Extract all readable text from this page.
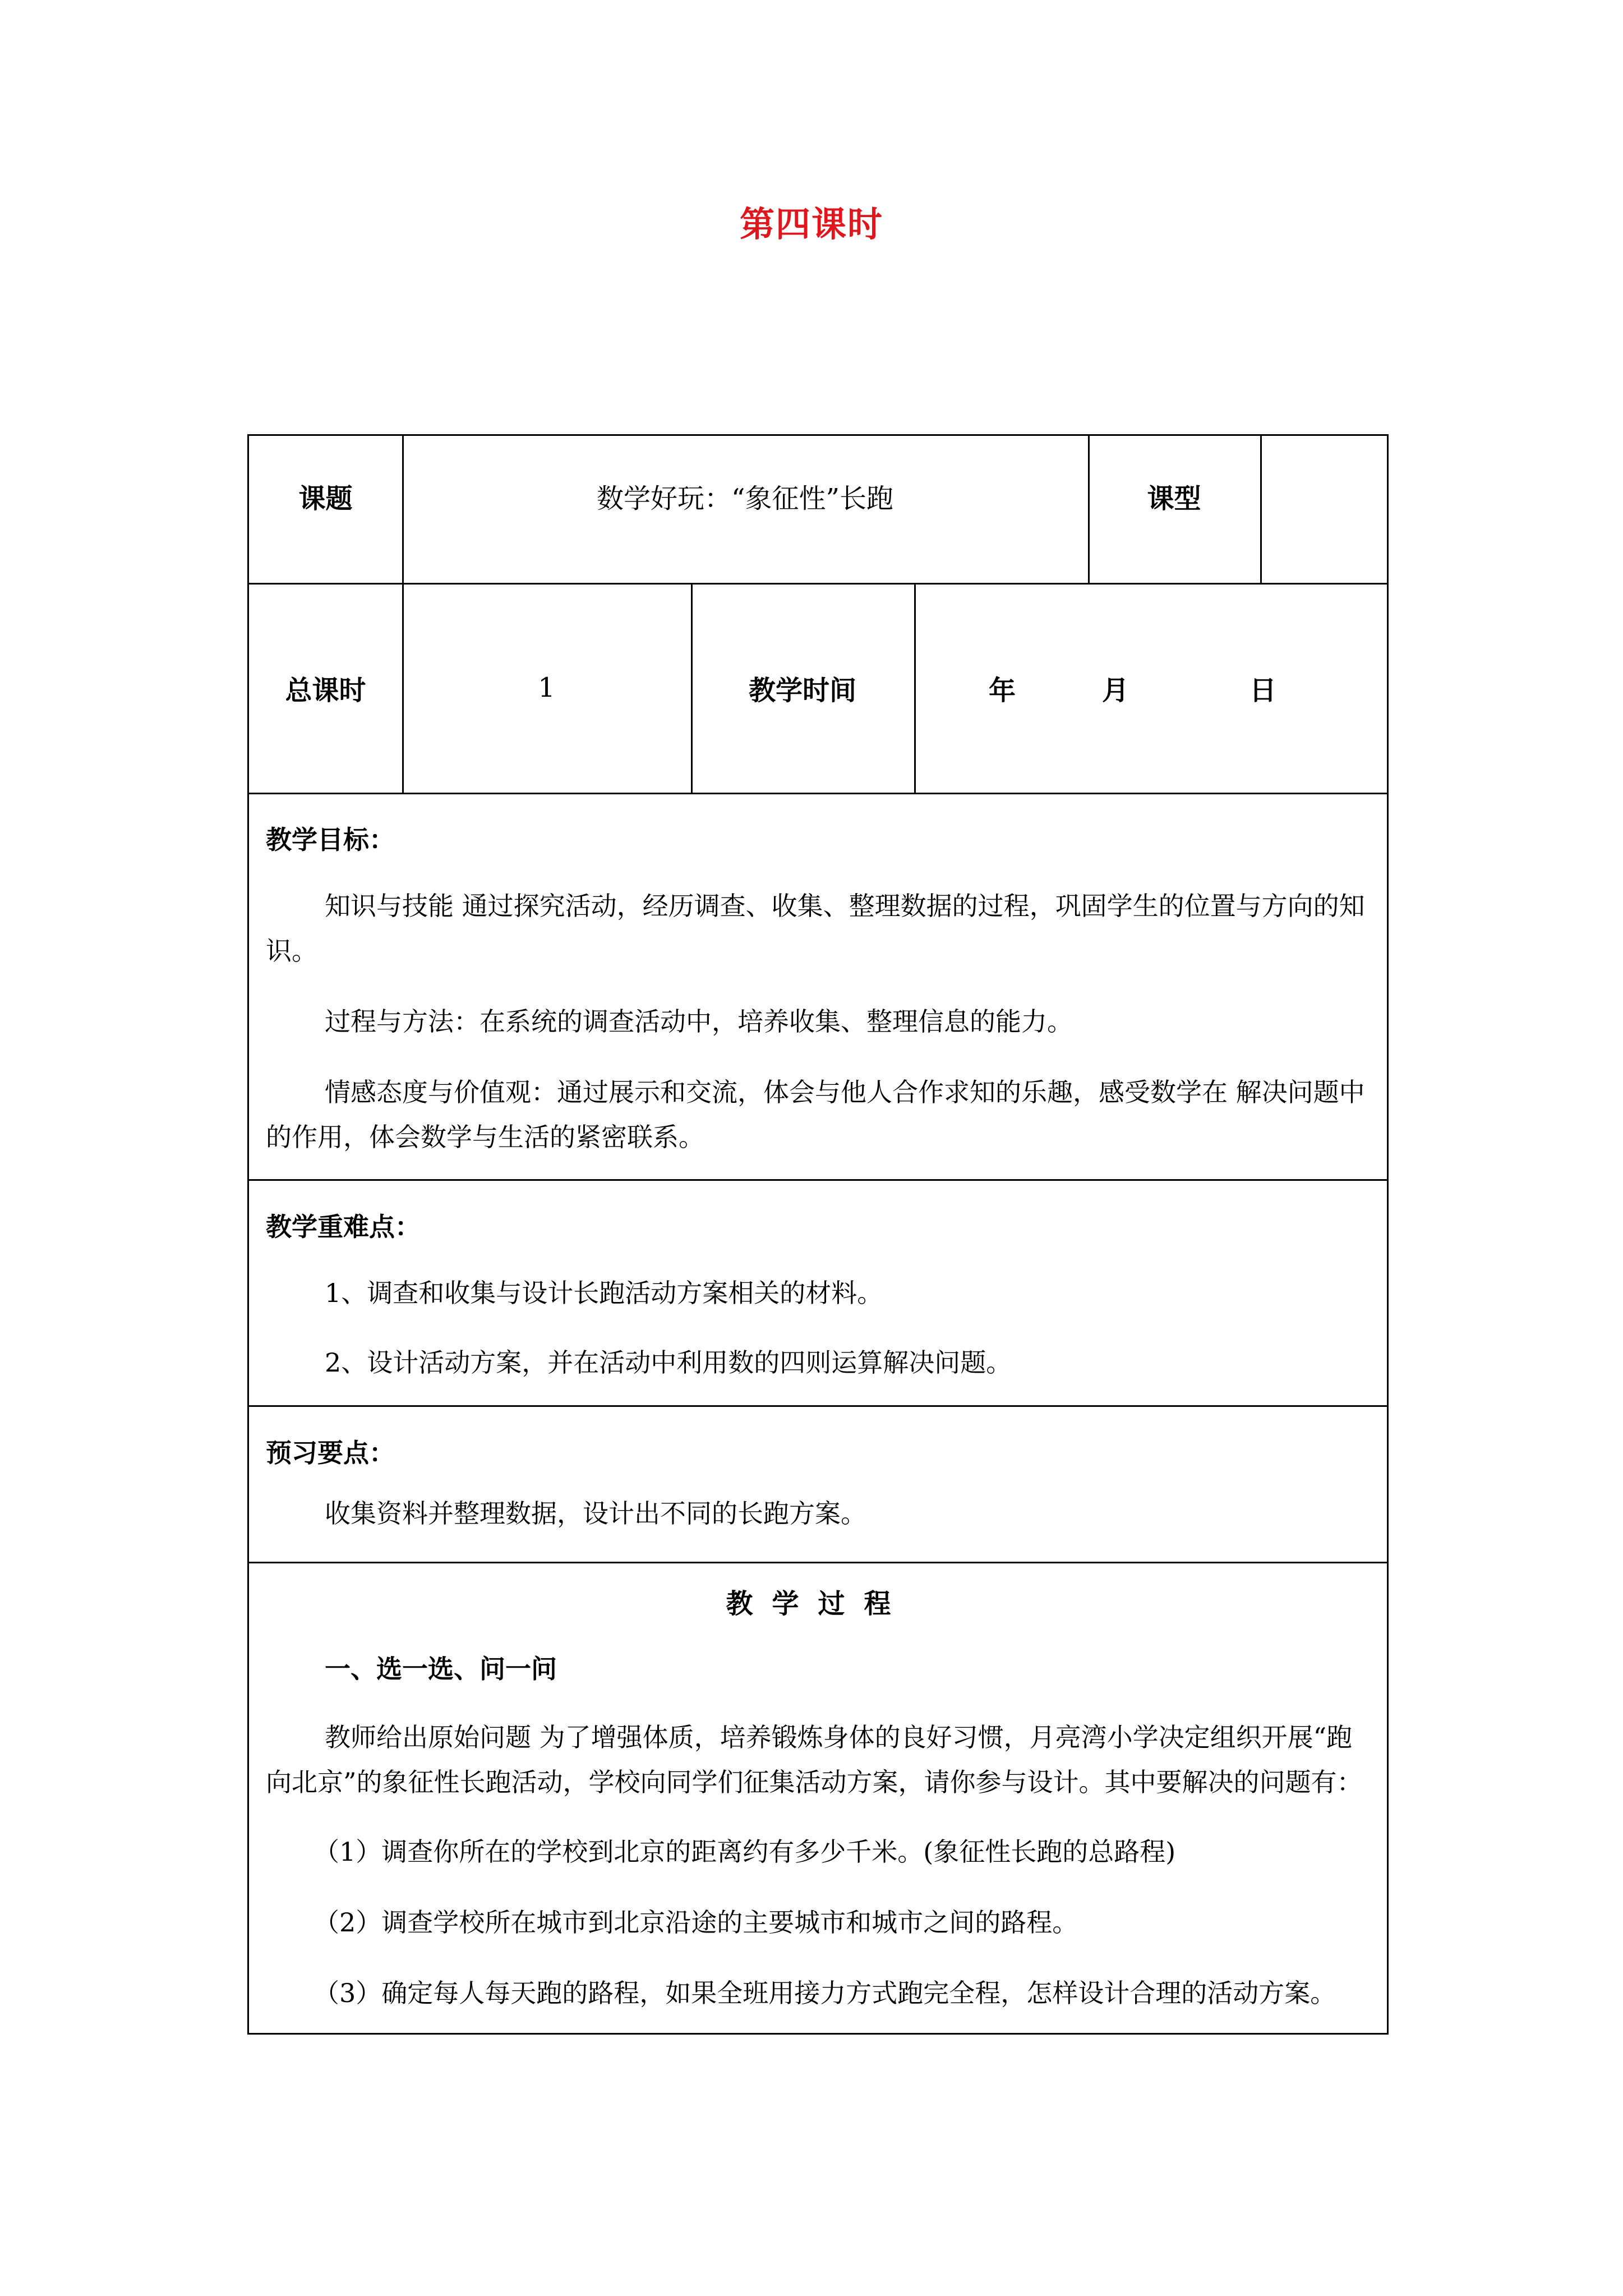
第四课时
课题	数学好玩：“象征性”长跑	课型
总课时	1	教学时间	年	月	日
教学目标：

知识与技能 通过探究活动，经历调查、收集、整理数据的过程，巩固学生的位置与方向的知识。

过程与方法：在系统的调查活动中，培养收集、整理信息的能力。

情感态度与价值观：通过展示和交流，体会与他人合作求知的乐趣，感受数学在 解决问题中的作用，体会数学与生活的紧密联系。

教学重难点：

1、调查和收集与设计长跑活动方案相关的材料。

2、设计活动方案，并在活动中利用数的四则运算解决问题。

预习要点：

收集资料并整理数据，设计出不同的长跑方案。

教学过程

一、选一选、问一问

教师给出原始问题 为了增强体质，培养锻炼身体的良好习惯，月亮湾小学决定组织开展“跑向北京”的象征性长跑活动，学校向同学们征集活动方案，请你参与设计。其中要解决的问题有：

（1）调查你所在的学校到北京的距离约有多少千米。(象征性长跑的总路程)

（2）调查学校所在城市到北京沿途的主要城市和城市之间的路程。

（3）确定每人每天跑的路程，如果全班用接力方式跑完全程，怎样设计合理的活动方案。
